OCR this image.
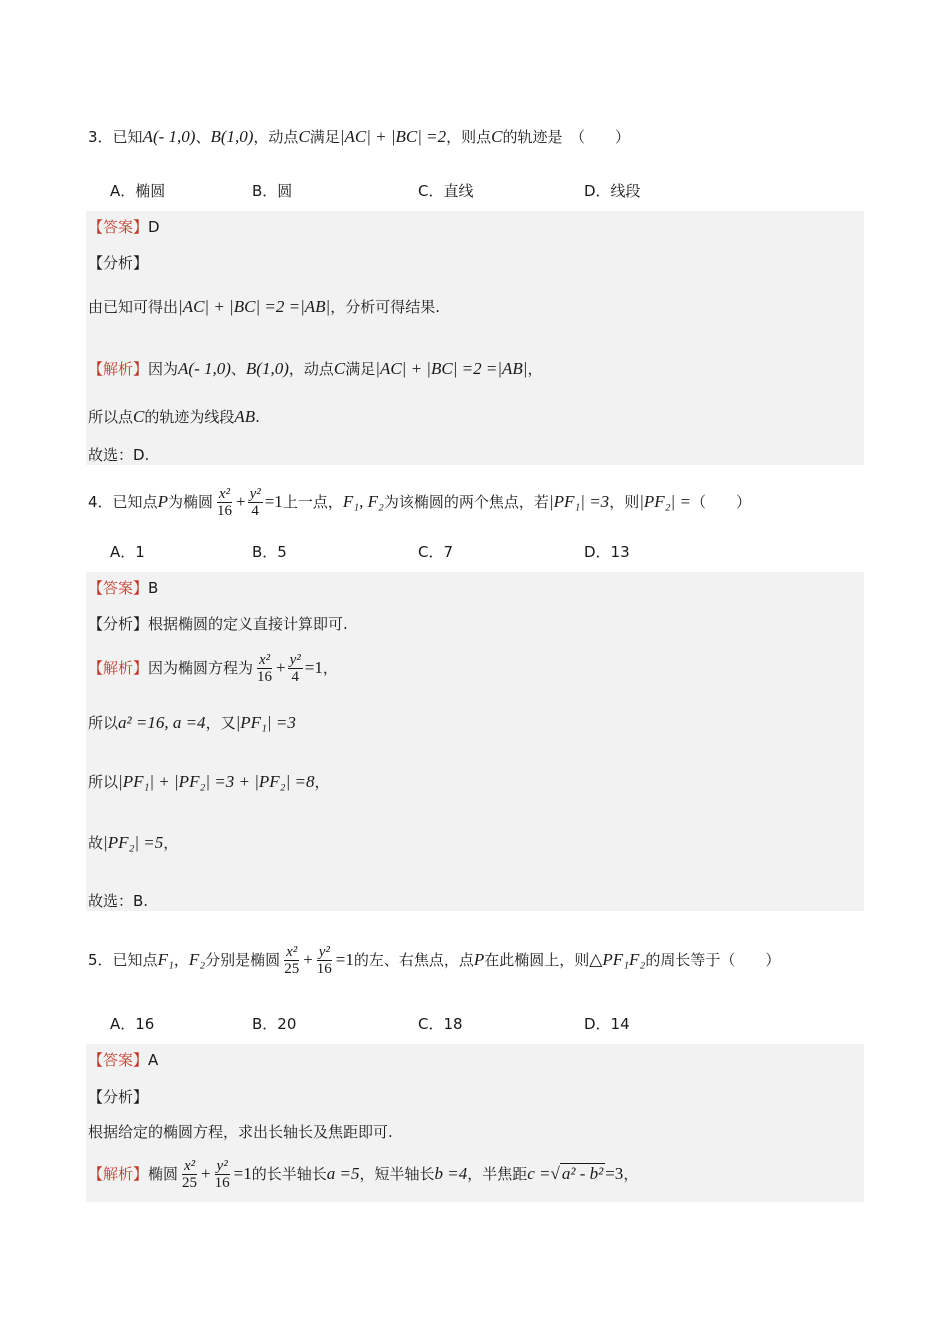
3．已知A(- 1,0)、B(1,0)，动点C满足|AC| + |BC| =2，则点C的轨迹是　（　　）
A．椭圆	B．圆	C．直线	D．线段
【答案】D
【分析】
由已知可得出|AC| + |BC| =2 =|AB|，分析可得结果.
【解析】因为A(- 1,0)、B(1,0)，动点C满足|AC| + |BC| =2 =|AB|，
所以点C的轨迹为线段AB.
故选：D.
4．已知点P为椭圆 $\frac{\text{x²}}{16} + \frac{\text{y²}}{4} =1$上一点，F₁, F₂为该椭圆的两个焦点，若|PF₁| =3，则|PF₂| =（　　）
A．1	B．5	C．7	D．13
【答案】B
【分析】根据椭圆的定义直接计算即可.
【解析】因为椭圆方程为 $\frac{\text{x²}}{16} + \frac{\text{y²}}{4} =1$，
所以a² =16, a =4，又|PF₁| =3
所以|PF₁| + |PF₂| =3 + |PF₂| =8，
故|PF₂| =5，
故选：B.
5．已知点F₁，F₂分别是椭圆 $\frac{\text{x²}}{25} + \frac{\text{y²}}{16} =1$的左、右焦点，点P在此椭圆上，则△PF₁F₂的周长等于（　　）
A．16	B．20	C．18	D．14
【答案】A
【分析】
根据给定的椭圆方程，求出长轴长及焦距即可.
【解析】椭圆 $\frac{\text{x²}}{25} + \frac{\text{y²}}{16} =1$的长半轴长a =5，短半轴长b =4，半焦距c =√ a² - b² =3，
